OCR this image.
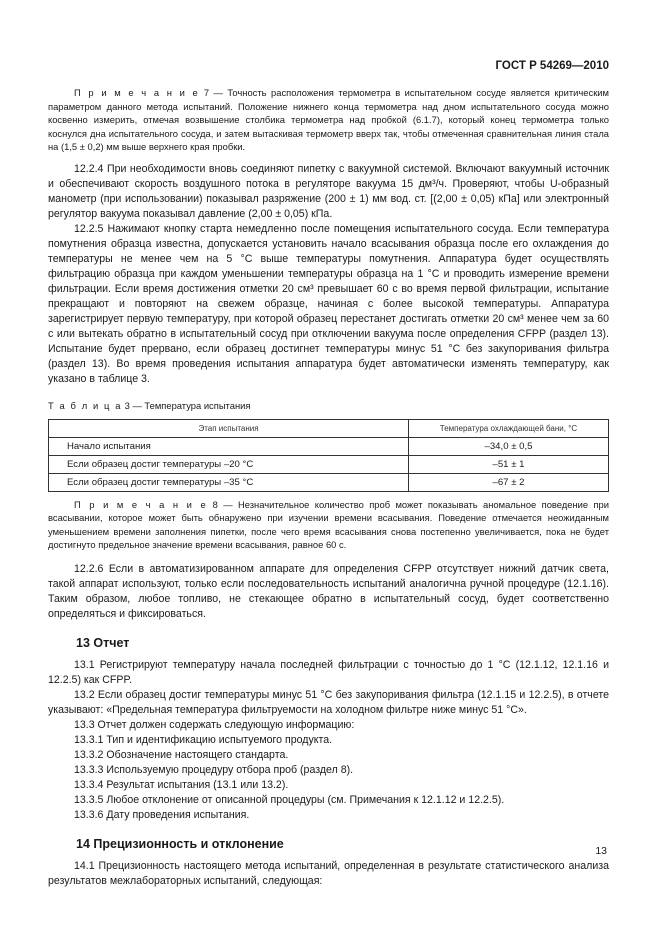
ГОСТ Р 54269—2010

П р и м е ч а н и е 7 — Точность расположения термометра в испытательном сосуде является критическим параметром данного метода испытаний. Положение нижнего конца термометра над дном испытательного сосуда можно косвенно измерить, отмечая возвышение столбика термометра над пробкой (6.1.7), который конец термометра только коснулся дна испытательного сосуда, и затем вытаскивая термометр вверх так, чтобы отмеченная сравнительная линия стала на (1,5 ± 0,2) мм выше верхнего края пробки.

12.2.4 При необходимости вновь соединяют пипетку с вакуумной системой. Включают вакуумный источник и обеспечивают скорость воздушного потока в регуляторе вакуума 15 дм³/ч. Проверяют, чтобы U-образный манометр (при использовании) показывал разряжение (200 ± 1) мм вод. ст. [(2,00 ± 0,05) кПа] или электронный регулятор вакуума показывал давление (2,00 ± 0,05) кПа.

12.2.5 Нажимают кнопку старта немедленно после помещения испытательного сосуда. Если температура помутнения образца известна, допускается установить начало всасывания образца после его охлаждения до температуры не менее чем на 5 °C выше температуры помутнения. Аппаратура будет осуществлять фильтрацию образца при каждом уменьшении температуры образца на 1 °C и проводить измерение времени фильтрации. Если время достижения отметки 20 см³ превышает 60 с во время первой фильтрации, испытание прекращают и повторяют на свежем образце, начиная с более высокой температуры. Аппаратура зарегистрирует первую температуру, при которой образец перестанет достигать отметки 20 см³ менее чем за 60 с или вытекать обратно в испытательный сосуд при отключении вакуума после определения CFPP (раздел 13). Испытание будет прервано, если образец достигнет температуры минус 51 °C без закупоривания фильтра (раздел 13). Во время проведения испытания аппаратура будет автоматически изменять температуру, как указано в таблице 3.

Т а б л и ц а 3 — Температура испытания

Этап испытания	Температура охлаждающей бани, °C
Начало испытания	–34,0 ± 0,5
Если образец достиг температуры –20 °C	–51 ± 1
Если образец достиг температуры –35 °C	–67 ± 2

П р и м е ч а н и е 8 — Незначительное количество проб может показывать аномальное поведение при всасывании, которое может быть обнаружено при изучении времени всасывания. Поведение отмечается неожиданным уменьшением времени заполнения пипетки, после чего время всасывания снова постепенно увеличивается, пока не будет достигнуто предельное значение времени всасывания, равное 60 с.

12.2.6 Если в автоматизированном аппарате для определения CFPP отсутствует нижний датчик света, такой аппарат используют, только если последовательность испытаний аналогична ручной процедуре (12.1.16). Таким образом, любое топливо, не стекающее обратно в испытательный сосуд, будет соответственно определяться и фиксироваться.

13 Отчет

13.1 Регистрируют температуру начала последней фильтрации с точностью до 1 °C (12.1.12, 12.1.16 и 12.2.5) как CFPP.

13.2 Если образец достиг температуры минус 51 °C без закупоривания фильтра (12.1.15 и 12.2.5), в отчете указывают: «Предельная температура фильтруемости на холодном фильтре ниже минус 51 °C».

13.3 Отчет должен содержать следующую информацию:

13.3.1 Тип и идентификацию испытуемого продукта.

13.3.2 Обозначение настоящего стандарта.

13.3.3 Используемую процедуру отбора проб (раздел 8).

13.3.4 Результат испытания (13.1 или 13.2).

13.3.5 Любое отклонение от описанной процедуры (см. Примечания к 12.1.12 и 12.2.5).

13.3.6 Дату проведения испытания.

14 Прецизионность и отклонение

14.1 Прецизионность настоящего метода испытаний, определенная в результате статистического анализа результатов межлабораторных испытаний, следующая:

13
